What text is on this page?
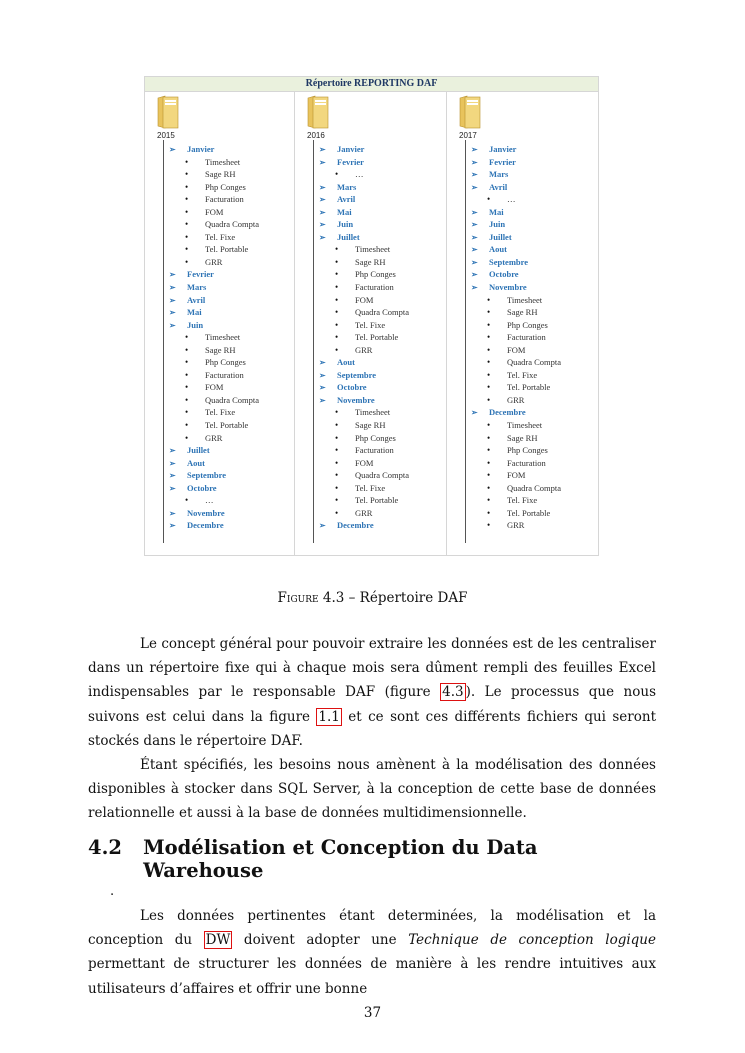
Répertoire REPORTING DAF
2015
➢ Janvier
• Timesheet
• Sage RH
• Php Conges
• Facturation
• FOM
• Quadra Compta
• Tel. Fixe
• Tel. Portable
• GRR
➢ Fevrier
➢ Mars
➢ Avril
➢ Mai
➢ Juin
• Timesheet
• Sage RH
• Php Conges
• Facturation
• FOM
• Quadra Compta
• Tel. Fixe
• Tel. Portable
• GRR
➢ Juillet
➢ Aout
➢ Septembre
➢ Octobre
• …
➢ Novembre
➢ Decembre
2016
➢ Janvier
➢ Fevrier
• …
➢ Mars
➢ Avril
➢ Mai
➢ Juin
➢ Juillet
• Timesheet
• Sage RH
• Php Conges
• Facturation
• FOM
• Quadra Compta
• Tel. Fixe
• Tel. Portable
• GRR
➢ Aout
➢ Septembre
➢ Octobre
➢ Novembre
• Timesheet
• Sage RH
• Php Conges
• Facturation
• FOM
• Quadra Compta
• Tel. Fixe
• Tel. Portable
• GRR
➢ Decembre
2017
➢ Janvier
➢ Fevrier
➢ Mars
➢ Avril
• …
➢ Mai
➢ Juin
➢ Juillet
➢ Aout
➢ Septembre
➢ Octobre
➢ Novembre
• Timesheet
• Sage RH
• Php Conges
• Facturation
• FOM
• Quadra Compta
• Tel. Fixe
• Tel. Portable
• GRR
➢ Decembre
• Timesheet
• Sage RH
• Php Conges
• Facturation
• FOM
• Quadra Compta
• Tel. Fixe
• Tel. Portable
• GRR
Figure 4.3 – Répertoire DAF

Le concept général pour pouvoir extraire les données est de les centraliser dans un répertoire fixe qui à chaque mois sera dûment rempli des feuilles Excel indispensables par le responsable DAF (figure 4.3 ). Le processus que nous suivons est celui dans la figure 1.1 et ce sont ces différents fichiers qui seront stockés dans le répertoire DAF.

Étant spécifiés, les besoins nous amènent à la modélisation des données disponibles à stocker dans SQL Server, à la conception de cette base de données relationnelle et aussi à la base de données multidimensionnelle.

4.2	Modélisation et Conception du Data Warehouse
.

Les données pertinentes étant determinées, la modélisation et la conception du DW doivent adopter une Technique de conception logique permettant de structurer les données de manière à les rendre intuitives aux utilisateurs d’affaires et offrir une bonne

37
